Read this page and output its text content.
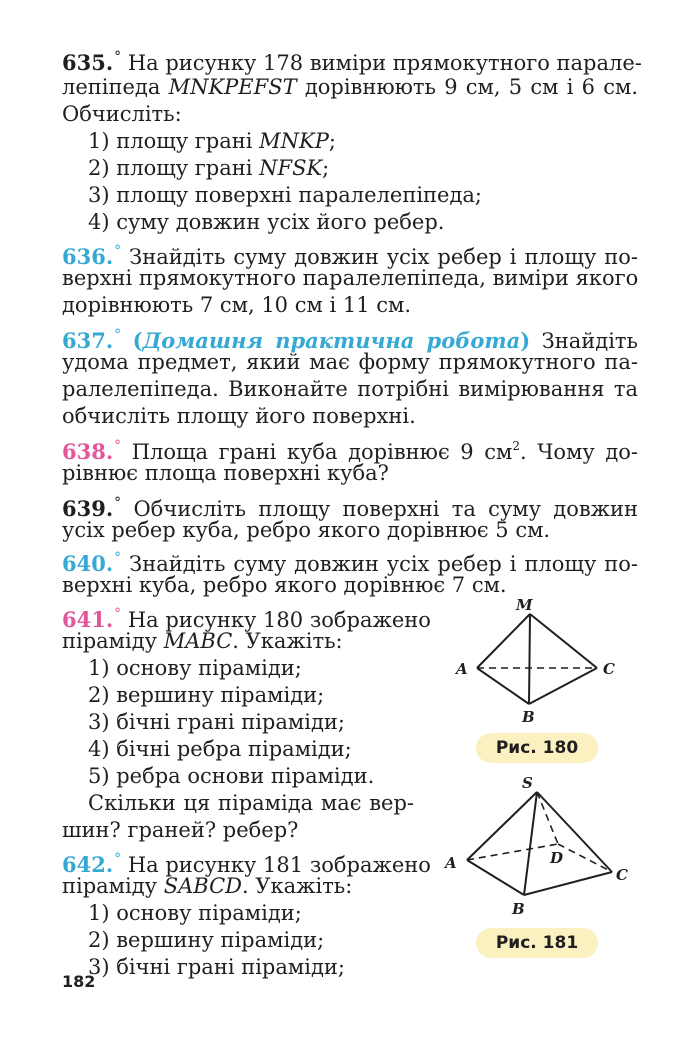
635.° На рисунку 178 виміри прямокутного парале-
лепіпеда MNKPEFST дорівнюють 9 см, 5 см і 6 см.
Обчисліть:
1) площу грані MNKP;
2) площу грані NFSK;
3) площу поверхні паралелепіпеда;
4) суму довжин усіх його ребер.
636.° Знайдіть суму довжин усіх ребер і площу по-
верхні прямокутного паралелепіпеда, виміри якого
дорівнюють 7 см, 10 см і 11 см.
637.° (Домашня практична робота) Знайдіть
удома предмет, який має форму прямокутного па-
ралелепіпеда. Виконайте потрібні вимірювання та
обчисліть площу його поверхні.
638.° Площа грані куба дорівнює 9 $см^2$. Чому до-
рівнює площа поверхні куба?
639.° Обчисліть площу поверхні та суму довжин
усіх ребер куба, ребро якого дорівнює 5 см.
640.° Знайдіть суму довжин усіх ребер і площу по-
верхні куба, ребро якого дорівнює 7 см.
641.° На рисунку 180 зображено
піраміду MABC. Укажіть:
1) основу піраміди;
2) вершину піраміди;
3) бічні грані піраміди;
4) бічні ребра піраміди;
5) ребра основи піраміди.
Скільки ця піраміда має вер-
шин? граней? ребер?
642.° На рисунку 181 зображено
піраміду SABCD. Укажіть:
1) основу піраміди;
2) вершину піраміди;
3) бічні грані піраміди;
M
A
B
C
Рис. 180
S
A
B
C
D
Рис. 181
182
